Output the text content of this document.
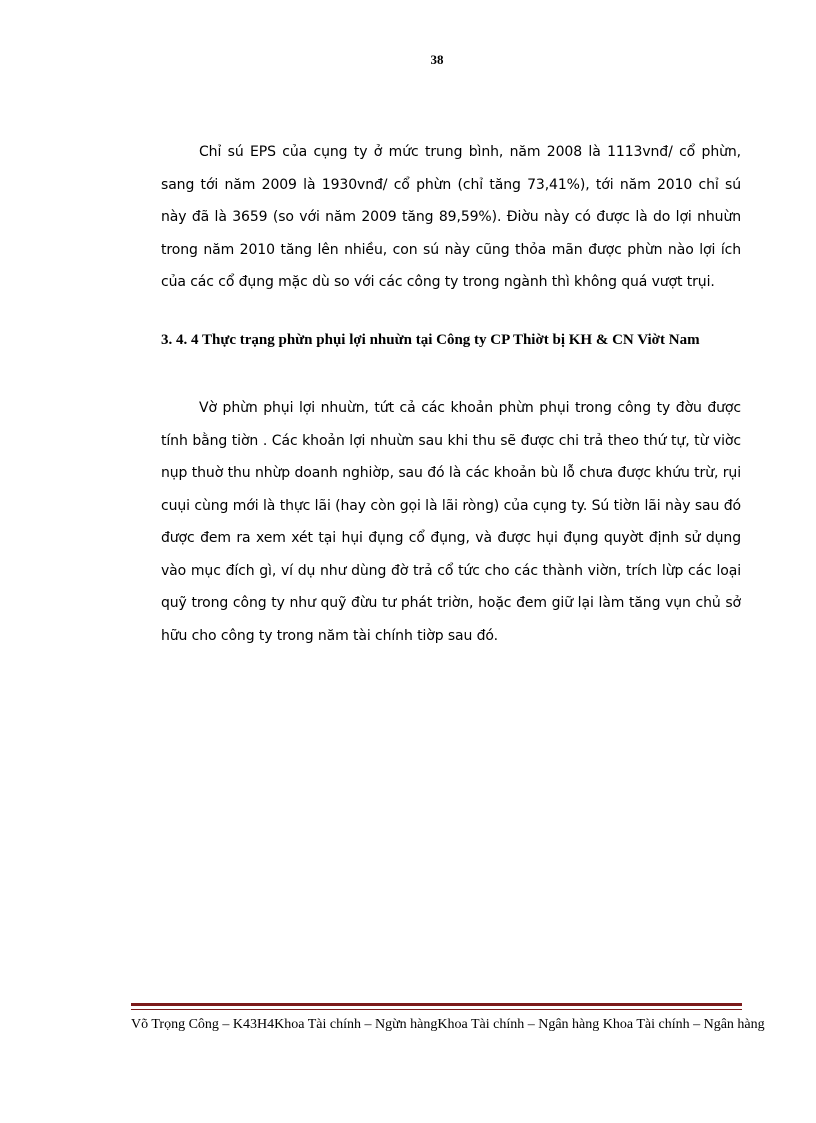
38

Chỉ sú EPS của cụng ty ở mức trung bình, năm 2008 là 1113vnđ/ cổ phừn, sang tới năm 2009 là 1930vnđ/ cổ phừn (chỉ tăng 73,41%), tới năm 2010 chỉ sú này đã là 3659 (so với năm 2009 tăng 89,59%). Điờu này có được là do lợi nhuừn trong năm 2010 tăng lên nhiều, con sú này cũng thỏa mãn được phừn nào lợi ích của các cổ đụng mặc dù so với các công ty trong ngành thì không quá vượt trụi.

3. 4. 4 Thực trạng phừn phụi lợi nhuừn tại Công ty CP Thiờt bị KH & CN Viờt Nam

Vờ phừn phụi lợi nhuừn, tứt cả các khoản phừn phụi trong công ty đờu được tính bằng tiờn . Các khoản lợi nhuừn sau khi thu sẽ được chi trả theo thứ tự, từ viờc nụp thuờ thu nhừp doanh nghiờp, sau đó là các khoản bù lỗ chưa được khứu trừ, rụi cuụi cùng mới là thực lãi (hay còn gọi là lãi ròng) của cụng ty. Sú tiờn lãi này sau đó được đem ra xem xét tại hụi đụng cổ đụng, và được hụi đụng quyờt định sử dụng vào mục đích gì, ví dụ như dùng đờ trả cổ tức cho các thành viờn, trích lừp các loại quỹ trong công ty như quỹ đừu tư phát triờn, hoặc đem giữ lại làm tăng vụn chủ sở hữu cho công ty trong năm tài chính tiờp sau đó.

Võ Trọng Công – K43H4Khoa Tài chính – Ngừn hàngKhoa Tài chính – Ngân hàng Khoa Tài chính – Ngân hàng
